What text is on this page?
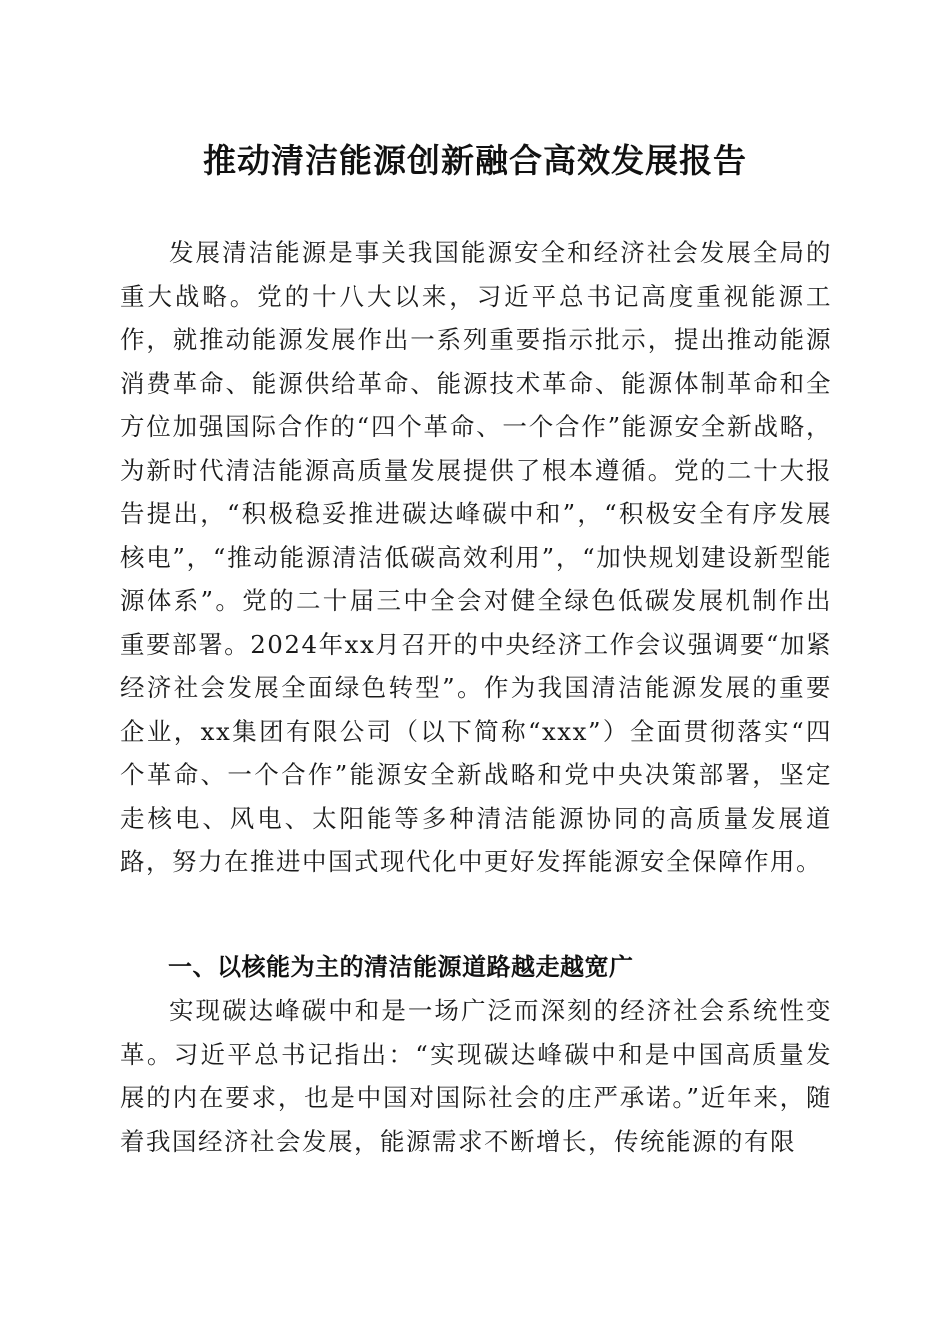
推动清洁能源创新融合高效发展报告
发展清洁能源是事关我国能源安全和经济社会发展全局的重大战略。党的十八大以来，习近平总书记高度重视能源工作，就推动能源发展作出一系列重要指示批示，提出推动能源消费革命、能源供给革命、能源技术革命、能源体制革命和全方位加强国际合作的“四个革命、一个合作”能源安全新战略，为新时代清洁能源高质量发展提供了根本遵循。党的二十大报告提出，“积极稳妥推进碳达峰碳中和”，“积极安全有序发展核电”，“推动能源清洁低碳高效利用”，“加快规划建设新型能源体系”。党的二十届三中全会对健全绿色低碳发展机制作出重要部署。2024年xx月召开的中央经济工作会议强调要“加紧经济社会发展全面绿色转型”。作为我国清洁能源发展的重要企业，xx集团有限公司（以下简称“xxx”）全面贯彻落实“四个革命、一个合作”能源安全新战略和党中央决策部署，坚定走核电、风电、太阳能等多种清洁能源协同的高质量发展道路，努力在推进中国式现代化中更好发挥能源安全保障作用。
一、以核能为主的清洁能源道路越走越宽广
实现碳达峰碳中和是一场广泛而深刻的经济社会系统性变革。习近平总书记指出：“实现碳达峰碳中和是中国高质量发展的内在要求，也是中国对国际社会的庄严承诺。”近年来，随着我国经济社会发展，能源需求不断增长，传统能源的有限
